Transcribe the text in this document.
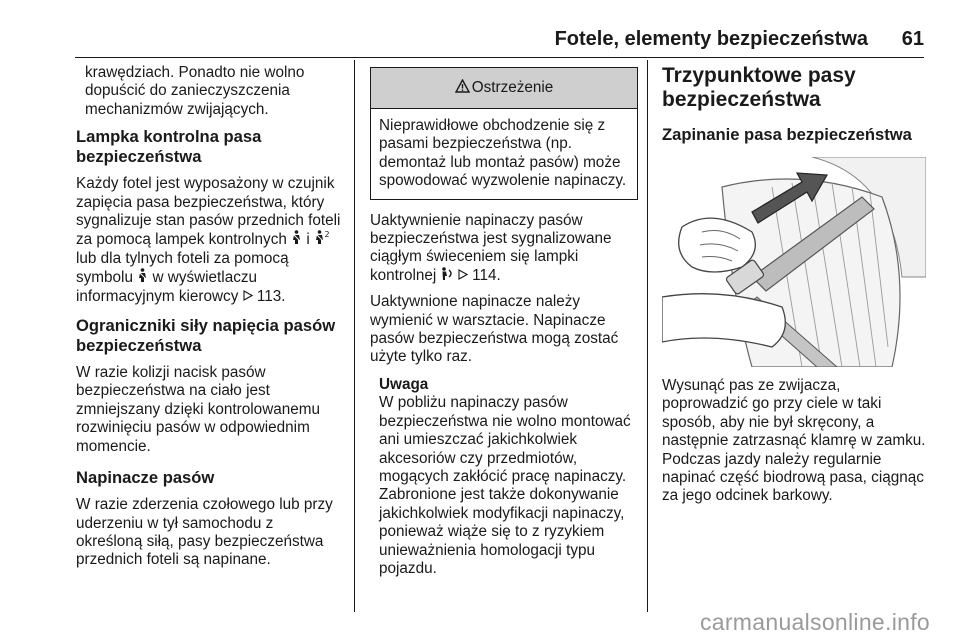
Fotele, elementy bezpieczeństwa 61

krawędziach. Ponadto nie wolno dopuścić do zanieczyszczenia mechanizmów zwijających.

Lampka kontrolna pasa bezpieczeństwa

Każdy fotel jest wyposażony w czujnik zapięcia pasa bezpieczeństwa, który sygnalizuje stan pasów przednich foteli za pomocą lampek kontrolnych i 2
lub dla tylnych foteli za pomocą symbolu w wyświetlaczu informacyjnym kierowcy 113.

Ograniczniki siły napięcia pasów bezpieczeństwa

W razie kolizji nacisk pasów bezpieczeństwa na ciało jest zmniejszany dzięki kontrolowanemu rozwinięciu pasów w odpowiednim momencie.

Napinacze pasów

W razie zderzenia czołowego lub przy uderzeniu w tył samochodu z określoną siłą, pasy bezpieczeństwa przednich foteli są napinane.

Ostrzeżenie

Nieprawidłowe obchodzenie się z pasami bezpieczeństwa (np. demontaż lub montaż pasów) może spowodować wyzwolenie napinaczy.

Uaktywnienie napinaczy pasów bezpieczeństwa jest sygnalizowane ciągłym świeceniem się lampki kontrolnej 114.

Uaktywnione napinacze należy wymienić w warsztacie. Napinacze pasów bezpieczeństwa mogą zostać użyte tylko raz.

Uwaga

W pobliżu napinaczy pasów bezpieczeństwa nie wolno montować ani umieszczać jakichkolwiek akcesoriów czy przedmiotów, mogących zakłócić pracę napinaczy. Zabronione jest także dokonywanie jakichkolwiek modyfikacji napinaczy, ponieważ wiąże się to z ryzykiem unieważnienia homologacji typu pojazdu.

Trzypunktowe pasy bezpieczeństwa

Zapinanie pasa bezpieczeństwa

Wysunąć pas ze zwijacza, poprowadzić go przy ciele w taki sposób, aby nie był skręcony, a następnie zatrzasnąć klamrę w zamku. Podczas jazdy należy regularnie napinać część biodrową pasa, ciągnąc za jego odcinek barkowy.

carmanualsonline.info
